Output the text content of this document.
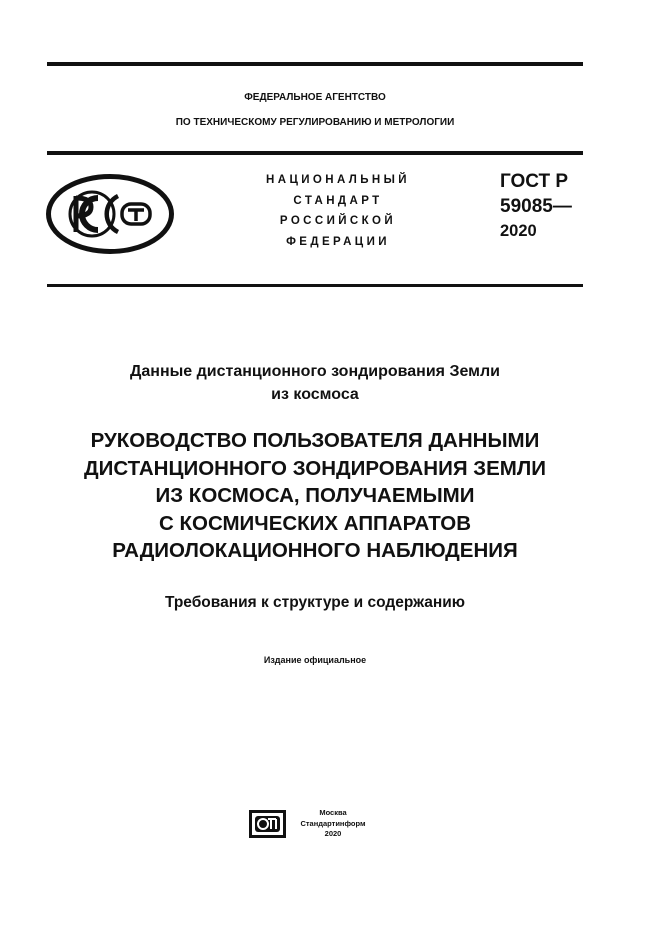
ФЕДЕРАЛЬНОЕ АГЕНТСТВО
ПО ТЕХНИЧЕСКОМУ РЕГУЛИРОВАНИЮ И МЕТРОЛОГИИ
НАЦИОНАЛЬНЫЙ
СТАНДАРТ
РОССИЙСКОЙ
ФЕДЕРАЦИИ
ГОСТ Р
59085—
2020
Данные дистанционного зондирования Земли
из космоса
РУКОВОДСТВО ПОЛЬЗОВАТЕЛЯ ДАННЫМИ
ДИСТАНЦИОННОГО ЗОНДИРОВАНИЯ ЗЕМЛИ
ИЗ КОСМОСА, ПОЛУЧАЕМЫМИ
С КОСМИЧЕСКИХ АППАРАТОВ
РАДИОЛОКАЦИОННОГО НАБЛЮДЕНИЯ
Требования к структуре и содержанию
Издание официальное
Москва
Стандартинформ
2020
